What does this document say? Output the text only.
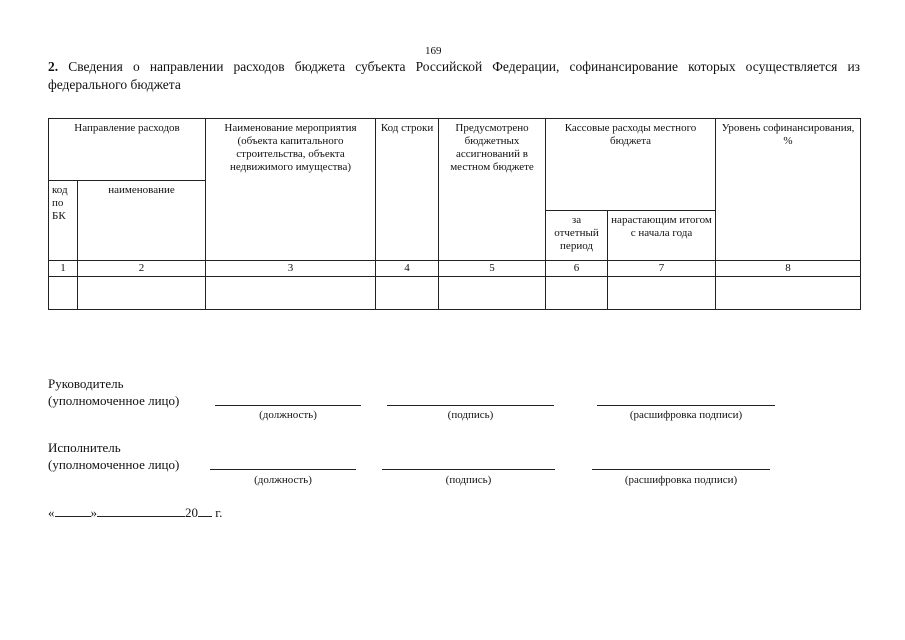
169
2. Сведения о направлении расходов бюджета субъекта Российской Федерации, софинансирование которых осуществляется из федерального бюджета
Направление расходов		Наименование мероприятия (объекта капитального строительства, объекта недвижимого имущества)	Код строки	Предусмотрено бюджетных ассигнований в местном бюджете	Кассовые расходы местного бюджета		Уровень софинансирования, %
код по БК	наименование						
					за отчетный период	нарастающим итогом с начала года	
1	2	3	4	5	6	7	8

Руководитель
(уполномоченное лицо)
(должность)	(подпись)	(расшифровка подписи)
Исполнитель
(уполномоченное лицо)
(должность)	(подпись)	(расшифровка подписи)
«	»	20 г.
